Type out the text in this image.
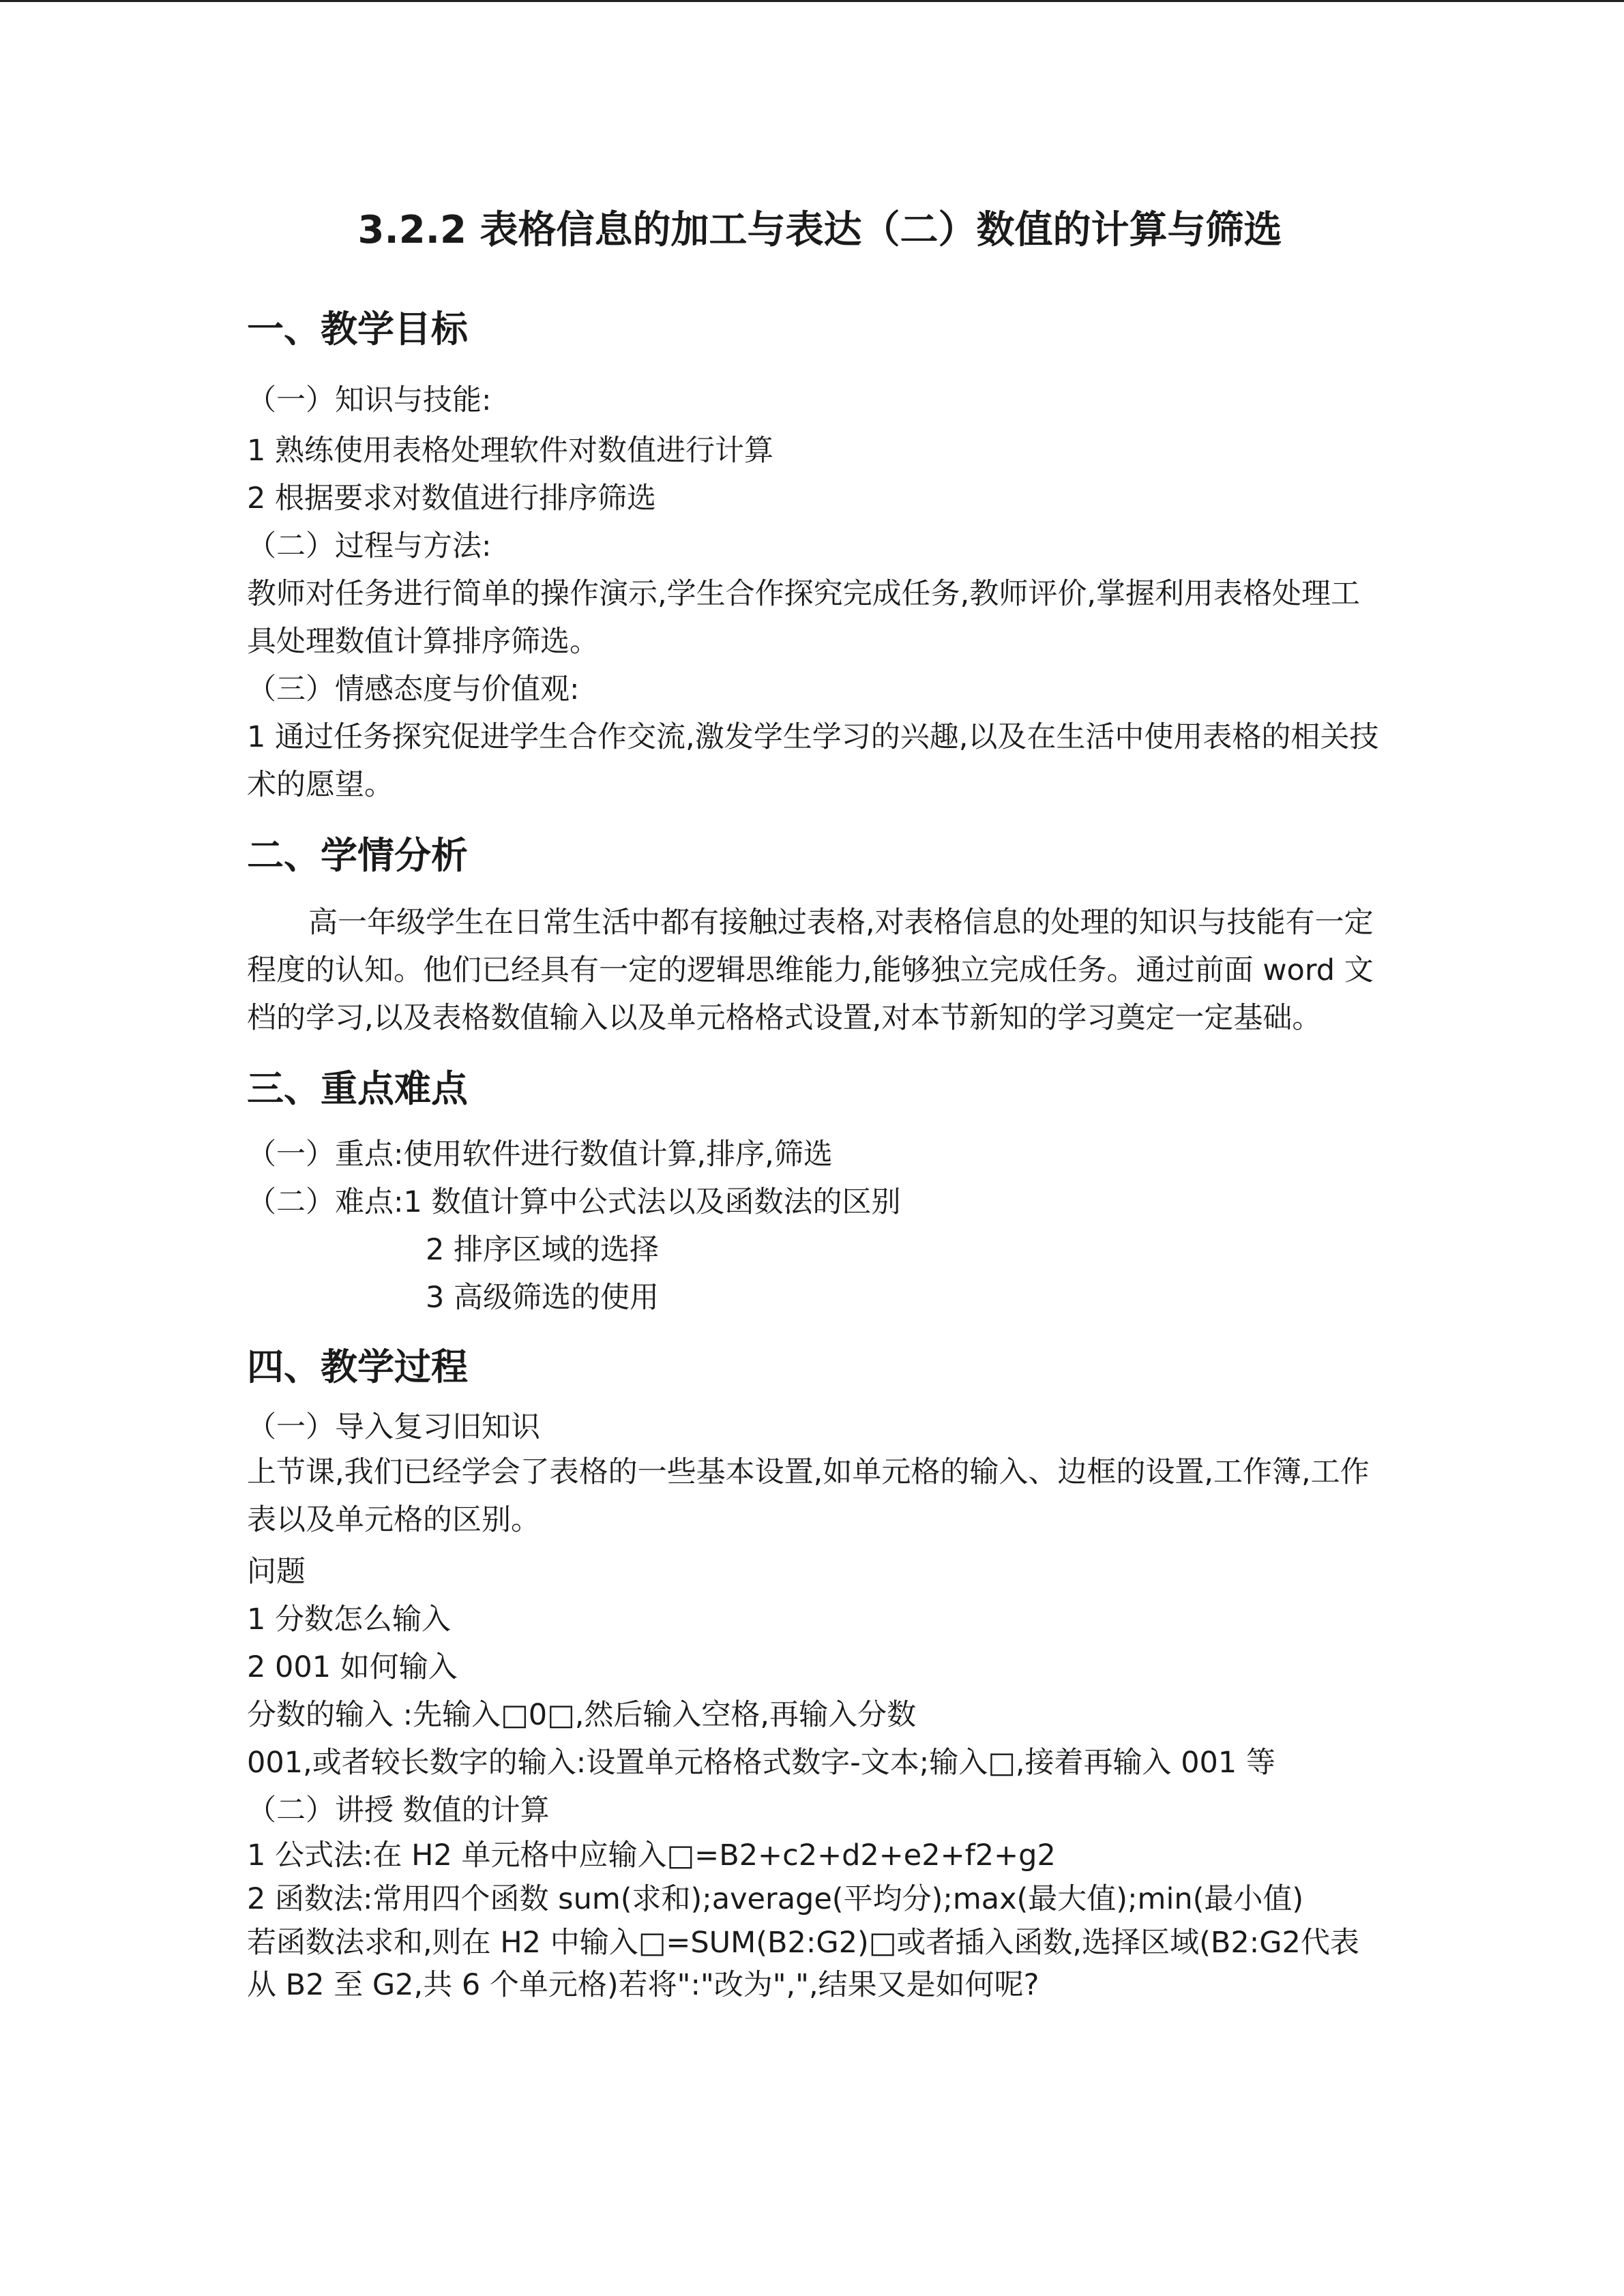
3.2.2 表格信息的加工与表达（二）数值的计算与筛选
一、教学目标

（一）知识与技能:

1 熟练使用表格处理软件对数值进行计算

2 根据要求对数值进行排序筛选

（二）过程与方法:

教师对任务进行简单的操作演示,学生合作探究完成任务,教师评价,掌握利用表格处理工具处理数值计算排序筛选。

（三）情感态度与价值观:

1 通过任务探究促进学生合作交流,激发学生学习的兴趣,以及在生活中使用表格的相关技术的愿望。

二、学情分析

高一年级学生在日常生活中都有接触过表格,对表格信息的处理的知识与技能有一定程度的认知。他们已经具有一定的逻辑思维能力,能够独立完成任务。通过前面 word 文档的学习,以及表格数值输入以及单元格格式设置,对本节新知的学习奠定一定基础。

三、重点难点

（一）重点:使用软件进行数值计算,排序,筛选

（二）难点:1 数值计算中公式法以及函数法的区别

2 排序区域的选择

3 高级筛选的使用

四、教学过程

（一）导入复习旧知识

上节课,我们已经学会了表格的一些基本设置,如单元格的输入、边框的设置,工作簿,工作表以及单元格的区别。

问题

1 分数怎么输入

2 001 如何输入

分数的输入 :先输入□0□,然后输入空格,再输入分数

001,或者较长数字的输入:设置单元格格式数字-文本;输入□,接着再输入 001 等

（二）讲授 数值的计算

1 公式法:在 H2 单元格中应输入□=B2+c2+d2+e2+f2+g2

2 函数法:常用四个函数 sum(求和);average(平均分);max(最大值);min(最小值)

若函数法求和,则在 H2 中输入□=SUM(B2:G2)□或者插入函数,选择区域(B2:G2代表从 B2 至 G2,共 6 个单元格)若将":"改为",",结果又是如何呢?
